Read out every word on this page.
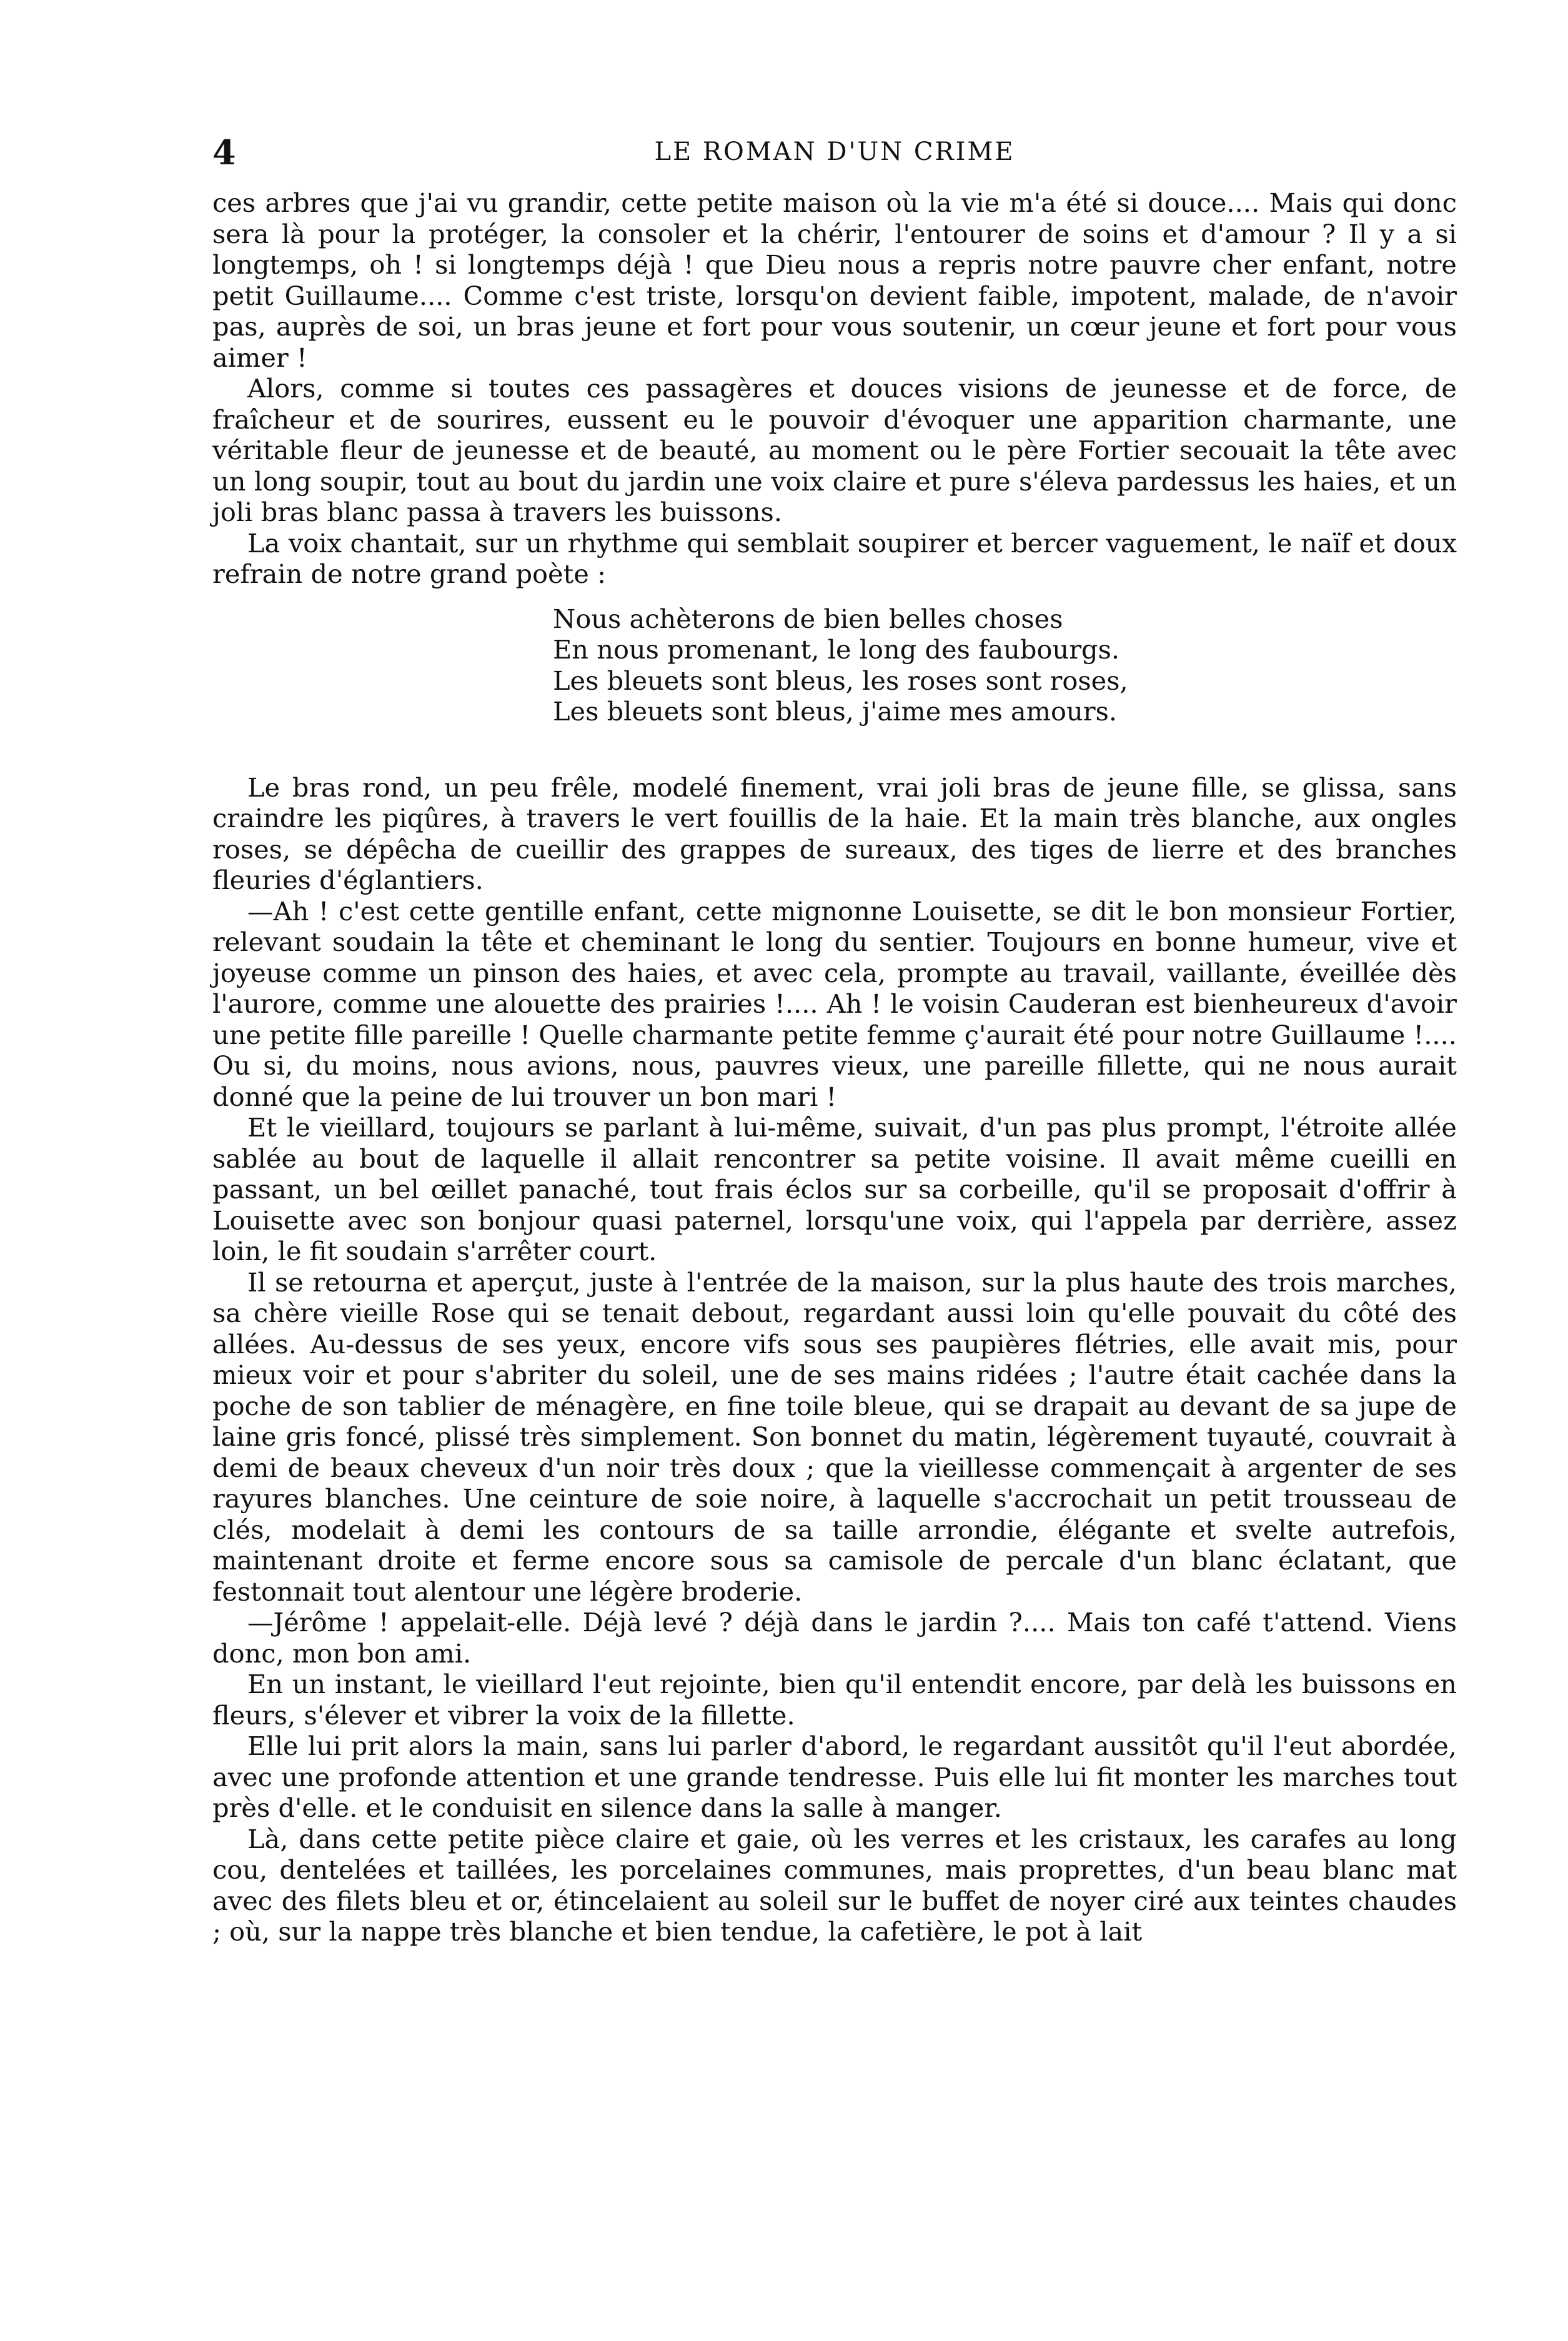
4	LE ROMAN D'UN CRIME

ces arbres que j'ai vu grandir, cette petite maison où la vie m'a été si douce.... Mais qui donc sera là pour la protéger, la consoler et la chérir, l'entourer de soins et d'amour ? Il y a si longtemps, oh ! si longtemps déjà ! que Dieu nous a repris notre pauvre cher enfant, notre petit Guillaume.... Comme c'est triste, lorsqu'on devient faible, impotent, malade, de n'avoir pas, auprès de soi, un bras jeune et fort pour vous soutenir, un cœur jeune et fort pour vous aimer !

Alors, comme si toutes ces passagères et douces visions de jeunesse et de force, de fraîcheur et de sourires, eussent eu le pouvoir d'évoquer une apparition charmante, une véritable fleur de jeunesse et de beauté, au moment ou le père Fortier secouait la tête avec un long soupir, tout au bout du jardin une voix claire et pure s'éleva pardessus les haies, et un joli bras blanc passa à travers les buissons.

La voix chantait, sur un rhythme qui semblait soupirer et bercer vaguement, le naïf et doux refrain de notre grand poète :

Nous achèterons de bien belles choses
En nous promenant, le long des faubourgs.
Les bleuets sont bleus, les roses sont roses,
Les bleuets sont bleus, j'aime mes amours.

Le bras rond, un peu frêle, modelé finement, vrai joli bras de jeune fille, se glissa, sans craindre les piqûres, à travers le vert fouillis de la haie. Et la main très blanche, aux ongles roses, se dépêcha de cueillir des grappes de sureaux, des tiges de lierre et des branches fleuries d'églantiers.

—Ah ! c'est cette gentille enfant, cette mignonne Louisette, se dit le bon monsieur Fortier, relevant soudain la tête et cheminant le long du sentier. Toujours en bonne humeur, vive et joyeuse comme un pinson des haies, et avec cela, prompte au travail, vaillante, éveillée dès l'aurore, comme une alouette des prairies !.... Ah ! le voisin Cauderan est bienheureux d'avoir une petite fille pareille ! Quelle charmante petite femme ç'aurait été pour notre Guillaume !.... Ou si, du moins, nous avions, nous, pauvres vieux, une pareille fillette, qui ne nous aurait donné que la peine de lui trouver un bon mari !

Et le vieillard, toujours se parlant à lui-même, suivait, d'un pas plus prompt, l'étroite allée sablée au bout de laquelle il allait rencontrer sa petite voisine. Il avait même cueilli en passant, un bel œillet panaché, tout frais éclos sur sa corbeille, qu'il se proposait d'offrir à Louisette avec son bonjour quasi paternel, lorsqu'une voix, qui l'appela par derrière, assez loin, le fit soudain s'arrêter court.

Il se retourna et aperçut, juste à l'entrée de la maison, sur la plus haute des trois marches, sa chère vieille Rose qui se tenait debout, regardant aussi loin qu'elle pouvait du côté des allées. Au-dessus de ses yeux, encore vifs sous ses paupières flétries, elle avait mis, pour mieux voir et pour s'abriter du soleil, une de ses mains ridées ; l'autre était cachée dans la poche de son tablier de ménagère, en fine toile bleue, qui se drapait au devant de sa jupe de laine gris foncé, plissé très simplement. Son bonnet du matin, légèrement tuyauté, couvrait à demi de beaux cheveux d'un noir très doux ; que la vieillesse commençait à argenter de ses rayures blanches. Une ceinture de soie noire, à laquelle s'accrochait un petit trousseau de clés, modelait à demi les contours de sa taille arrondie, élégante et svelte autrefois, maintenant droite et ferme encore sous sa camisole de percale d'un blanc éclatant, que festonnait tout alentour une légère broderie.

—Jérôme ! appelait-elle. Déjà levé ? déjà dans le jardin ?.... Mais ton café t'attend. Viens donc, mon bon ami.

En un instant, le vieillard l'eut rejointe, bien qu'il entendit encore, par delà les buissons en fleurs, s'élever et vibrer la voix de la fillette.

Elle lui prit alors la main, sans lui parler d'abord, le regardant aussitôt qu'il l'eut abordée, avec une profonde attention et une grande tendresse. Puis elle lui fit monter les marches tout près d'elle. et le conduisit en silence dans la salle à manger.

Là, dans cette petite pièce claire et gaie, où les verres et les cristaux, les carafes au long cou, dentelées et taillées, les porcelaines communes, mais proprettes, d'un beau blanc mat avec des filets bleu et or, étincelaient au soleil sur le buffet de noyer ciré aux teintes chaudes ; où, sur la nappe très blanche et bien tendue, la cafetière, le pot à lait
